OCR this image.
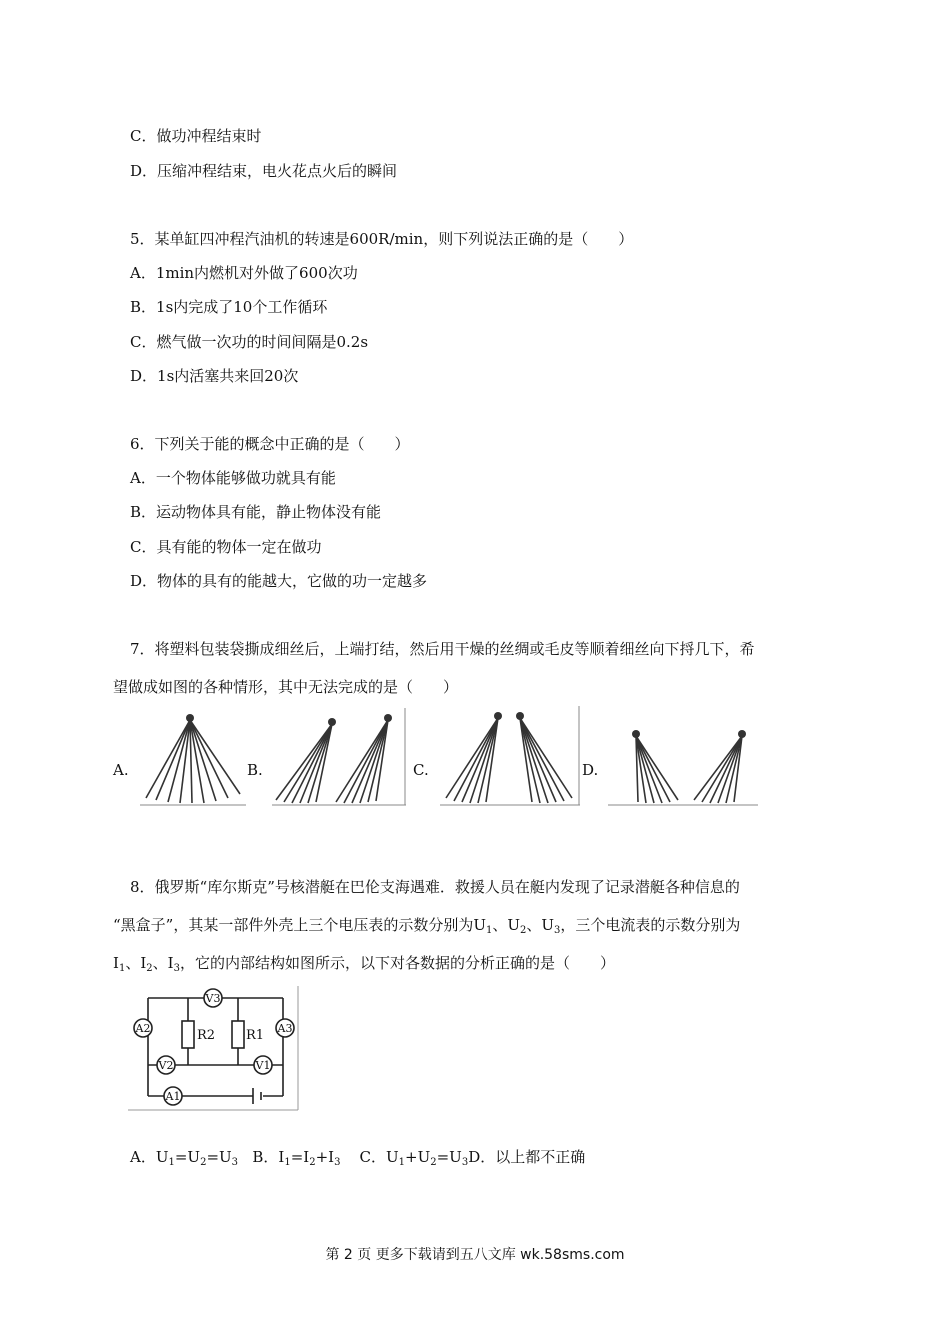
C．做功冲程结束时
D．压缩冲程结束，电火花点火后的瞬间
5．某单缸四冲程汽油机的转速是600R/min，则下列说法正确的是（　　）
A．1min内燃机对外做了600次功
B．1s内完成了10个工作循环
C．燃气做一次功的时间间隔是0.2s
D．1s内活塞共来回20次
6．下列关于能的概念中正确的是（　　）
A．一个物体能够做功就具有能
B．运动物体具有能，静止物体没有能
C．具有能的物体一定在做功
D．物体的具有的能越大，它做的功一定越多
7．将塑料包装袋撕成细丝后，上端打结，然后用干燥的丝绸或毛皮等顺着细丝向下捋几下，希
望做成如图的各种情形，其中无法完成的是（　　）
A.	B.	C.	D.
8．俄罗斯“库尔斯克”号核潜艇在巴伦支海遇难．救援人员在艇内发现了记录潜艇各种信息的
“黑盒子”，其某一部件外壳上三个电压表的示数分别为$U_1$、$U_2$、$U_3$，三个电流表的示数分别为
$I_1$、$I_2$、$I_3$，它的内部结构如图所示，以下对各数据的分析正确的是（　　）
V3
A2	A3
V2	V1
A1
R2 R1
A．$U_1=U_2=U_3$ B．$I_1=I_2+I_3$ C．$U_1+U_2=U_3D$．以上都不正确
第 2 页 更多下载请到五八文库 wk.58sms.com
